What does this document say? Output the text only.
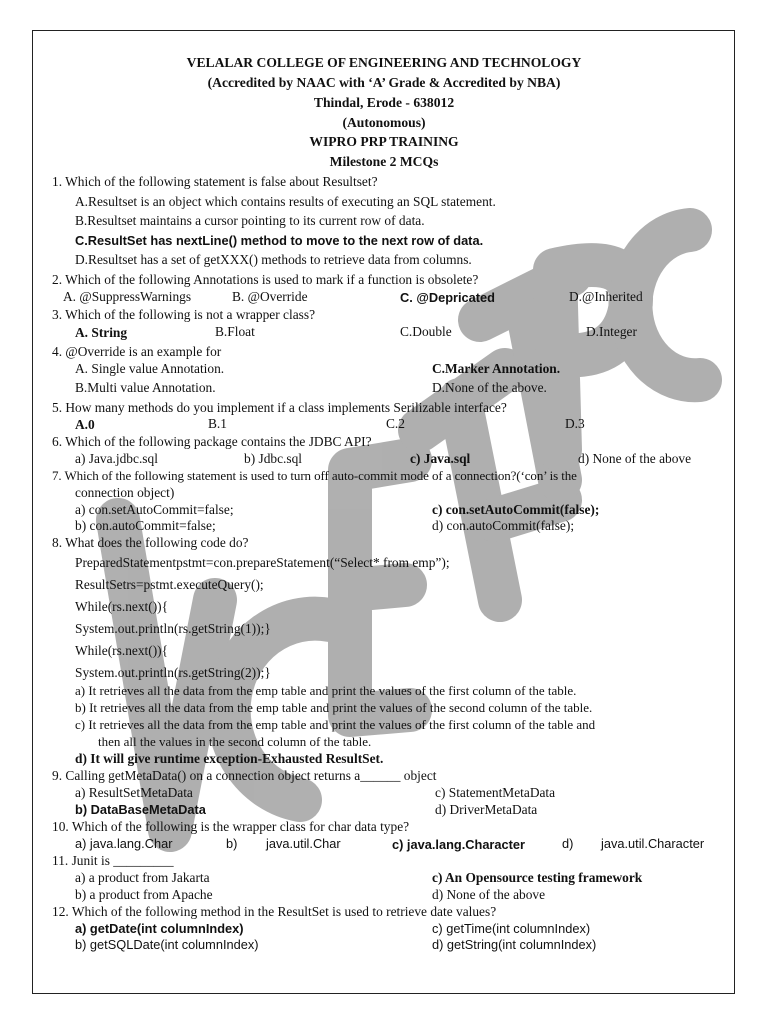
VELALAR COLLEGE OF ENGINEERING AND TECHNOLOGY
(Accredited by NAAC with ‘A’ Grade & Accredited by NBA)
Thindal, Erode - 638012
(Autonomous)
WIPRO PRP TRAINING
Milestone 2 MCQs
1. Which of the following statement is false about Resultset?
A.Resultset is an object which contains results of executing an SQL statement.
B.Resultset maintains a cursor pointing to its current row of data.
C.ResultSet has nextLine() method to move to the next row of data.
D.Resultset has a set of getXXX() methods to retrieve data from columns.
2. Which of the following Annotations is used to mark if a function is obsolete?
A. @SuppressWarnings	B. @Override	C. @Depricated	D.@Inherited
3. Which of the following is not a wrapper class?
A. String	B.Float	C.Double	D.Integer
4. @Override is an example for
A. Single value Annotation.	C.Marker Annotation.
B.Multi value Annotation.	D.None of the above.
5. How many methods do you implement if a class implements Serilizable interface?
A.0	B.1	C.2	D.3
6. Which of the following package contains the JDBC API?
a) Java.jdbc.sql	b) Jdbc.sql	c) Java.sql	d) None of the above
7. Which of the following statement is used to turn off auto-commit mode of a connection?(‘con’ is the
connection object)
a) con.setAutoCommit=false;	c) con.setAutoCommit(false);
b) con.autoCommit=false;	d) con.autoCommit(false);
8. What does the following code do?
PreparedStatementpstmt=con.prepareStatement(“Select* from emp”);
ResultSetrs=pstmt.executeQuery();
While(rs.next()){
System.out.println(rs.getString(1));}
While(rs.next()){
System.out.println(rs.getString(2));}
a) It retrieves all the data from the emp table and print the values of the first column of the table.
b) It retrieves all the data from the emp table and print the values of the second column of the table.
c) It retrieves all the data from the emp table and print the values of the first column of the table and
then all the values in the second column of the table.
d) It will give runtime exception-Exhausted ResultSet.
9. Calling getMetaData() on a connection object returns a______ object
a) ResultSetMetaData	c) StatementMetaData
b) DataBaseMetaData	d) DriverMetaData
10. Which of the following is the wrapper class for char data type?
a) java.lang.Char	b) java.util.Char	c) java.lang.Character	d) java.util.Character
11. Junit is _________
a) a product from Jakarta	c) An Opensource testing framework
b) a product from Apache	d) None of the above
12. Which of the following method in the ResultSet is used to retrieve date values?
a) getDate(int columnIndex)	c) getTime(int columnIndex)
b) getSQLDate(int columnIndex)	d) getString(int columnIndex)
